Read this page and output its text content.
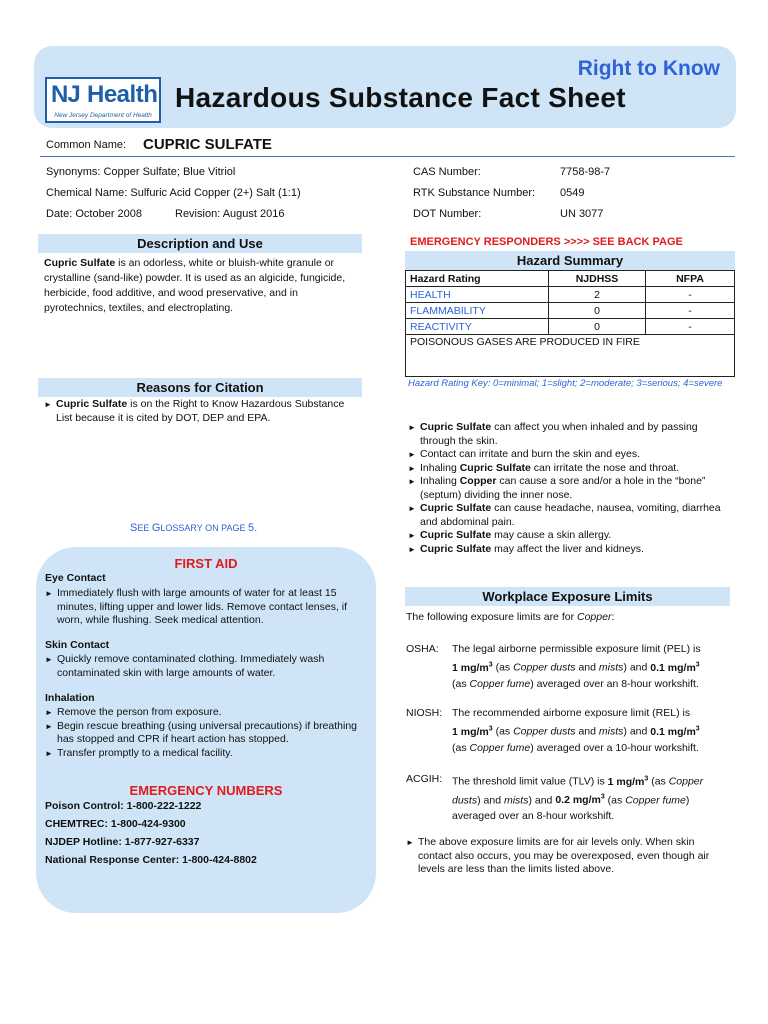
NJ Health
New Jersey Department of Health
Right to Know
Hazardous Substance Fact Sheet
Common Name: CUPRIC SULFATE
Synonyms: Copper Sulfate; Blue Vitriol
Chemical Name: Sulfuric Acid Copper (2+) Salt (1:1)
Date: October 2008	Revision: August 2016
CAS Number:	7758-98-7
RTK Substance Number: 0549
DOT Number:	UN 3077
Description and Use
Cupric Sulfate is an odorless, white or bluish-white granule or crystalline (sand-like) powder. It is used as an algicide, fungicide, herbicide, food additive, and wood preservative, and in pyrotechnics, textiles, and electroplating.
Reasons for Citation
► Cupric Sulfate is on the Right to Know Hazardous Substance List because it is cited by DOT, DEP and EPA.
SEE GLOSSARY ON PAGE 5.
FIRST AID
Eye Contact
► Immediately flush with large amounts of water for at least 15 minutes, lifting upper and lower lids. Remove contact lenses, if worn, while flushing. Seek medical attention.
Skin Contact
► Quickly remove contaminated clothing. Immediately wash contaminated skin with large amounts of water.
Inhalation
► Remove the person from exposure.
► Begin rescue breathing (using universal precautions) if breathing has stopped and CPR if heart action has stopped.
► Transfer promptly to a medical facility.
EMERGENCY NUMBERS
Poison Control: 1-800-222-1222
CHEMTREC: 1-800-424-9300
NJDEP Hotline: 1-877-927-6337
National Response Center: 1-800-424-8802
EMERGENCY RESPONDERS >>>> SEE BACK PAGE
Hazard Summary
Hazard Rating	NJDHSS	NFPA
HEALTH	2	-
FLAMMABILITY	0	-
REACTIVITY	0	-
POISONOUS GASES ARE PRODUCED IN FIRE		
Hazard Rating Key: 0=minimal; 1=slight; 2=moderate; 3=serious; 4=severe
► Cupric Sulfate can affect you when inhaled and by passing through the skin.
► Contact can irritate and burn the skin and eyes.
► Inhaling Cupric Sulfate can irritate the nose and throat.
► Inhaling Copper can cause a sore and/or a hole in the “bone” (septum) dividing the inner nose.
► Cupric Sulfate can cause headache, nausea, vomiting, diarrhea and abdominal pain.
► Cupric Sulfate may cause a skin allergy.
► Cupric Sulfate may affect the liver and kidneys.
Workplace Exposure Limits
The following exposure limits are for Copper:
OSHA: The legal airborne permissible exposure limit (PEL) is
1 $mg/m^3$ (as Copper dusts and mists) and 0.1 $mg/m^3$
(as Copper fume) averaged over an 8-hour workshift.
NIOSH: The recommended airborne exposure limit (REL) is
1 $mg/m^3$ (as Copper dusts and mists) and 0.1 $mg/m^3$
(as Copper fume) averaged over a 10-hour workshift.
ACGIH: The threshold limit value (TLV) is 1 $mg/m^3$ (as Copper dusts) and mists) and 0.2 $mg/m^3$ (as Copper fume)
averaged over an 8-hour workshift.
► The above exposure limits are for air levels only. When skin contact also occurs, you may be overexposed, even though air levels are less than the limits listed above.
